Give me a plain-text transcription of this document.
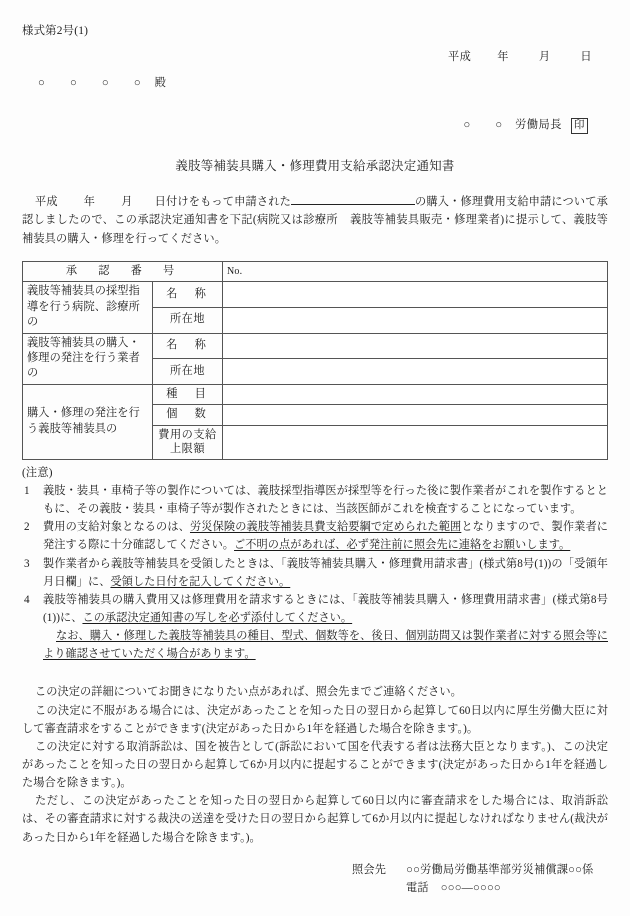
様式第2号(1)
平成 年	月	日
○　○　○　○ 殿
○　○ 労働局長 印
義肢等補装具購入・修理費用支給承認決定通知書
平成 年 月 日付けをもって申請された	の購入・修理費用支給申請について承認しましたので、この承認決定通知書を下記(病院又は診療所 義肢等補装具販売・修理業者)に提示して、義肢等補装具の購入・修理を行ってください。
承　認　番　号		No.
義肢等補装具の採型指導を行う病院、診療所の	名　称	
	所在地	
義肢等補装具の購入・修理の発注を行う業者の	名　称	
	所在地	
購入・修理の発注を行う義肢等補装具の	種　目	
	個　数	
	費用の支給上限額	
(注意)
1 義肢・装具・車椅子等の製作については、義肢採型指導医が採型等を行った後に製作業者がこれを製作するとともに、その義肢・装具・車椅子等が製作されたときには、当該医師がこれを検査することになっています。
2 費用の支給対象となるのは、労災保険の義肢等補装具費支給要綱で定められた範囲となりますので、製作業者に発注する際に十分確認してください。ご不明の点があれば、必ず発注前に照会先に連絡をお願いします。
3 製作業者から義肢等補装具を受領したときは、「義肢等補装具購入・修理費用請求書」(様式第8号(1))の「受領年月日欄」に、受領した日付を記入してください。
4 義肢等補装具の購入費用又は修理費用を請求するときには、「義肢等補装具購入・修理費用請求書」(様式第8号(1))に、この承認決定通知書の写しを必ず添付してください。
なお、購入・修理した義肢等補装具の種目、型式、個数等を、後日、個別訪問又は製作業者に対する照会等により確認させていただく場合があります。

この決定の詳細についてお聞きになりたい点があれば、照会先までご連絡ください。

この決定に不服がある場合には、決定があったことを知った日の翌日から起算して60日以内に厚生労働大臣に対して審査請求をすることができます(決定があった日から1年を経過した場合を除きます。)。

この決定に対する取消訴訟は、国を被告として(訴訟において国を代表する者は法務大臣となります。)、この決定があったことを知った日の翌日から起算して6か月以内に提起することができます(決定があった日から1年を経過した場合を除きます。)。

ただし、この決定があったことを知った日の翌日から起算して60日以内に審査請求をした場合には、取消訴訟は、その審査請求に対する裁決の送達を受けた日の翌日から起算して6か月以内に提起しなければなりません(裁決があった日から1年を経過した場合を除きます。)。

照会先 ○○労働局労働基準部労災補償課○○係
電話 ○○○―○○○○
